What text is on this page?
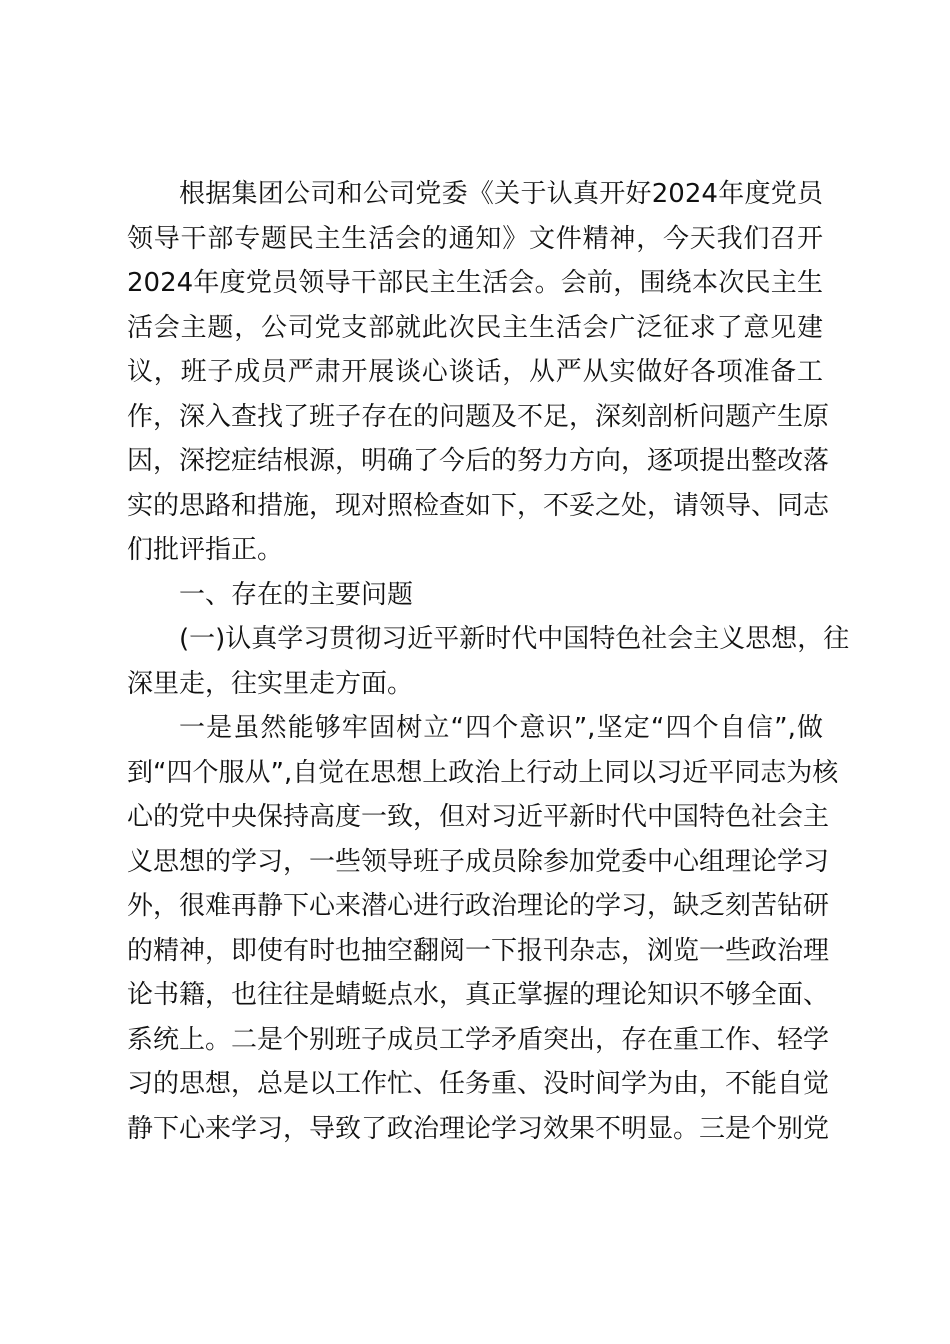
根据集团公司和公司党委《关于认真开好2024年度党员
领导干部专题民主生活会的通知》文件精神，今天我们召开
2024年度党员领导干部民主生活会。会前，围绕本次民主生
活会主题，公司党支部就此次民主生活会广泛征求了意见建
议，班子成员严肃开展谈心谈话，从严从实做好各项准备工
作，深入查找了班子存在的问题及不足，深刻剖析问题产生原
因，深挖症结根源，明确了今后的努力方向，逐项提出整改落
实的思路和措施，现对照检查如下，不妥之处，请领导、同志
们批评指正。
一、存在的主要问题
(一)认真学习贯彻习近平新时代中国特色社会主义思想，往
深里走，往实里走方面。
一是虽然能够牢固树立“四个意识”,坚定“四个自信”,做
到“四个服从”,自觉在思想上政治上行动上同以习近平同志为核
心的党中央保持高度一致，但对习近平新时代中国特色社会主
义思想的学习，一些领导班子成员除参加党委中心组理论学习
外，很难再静下心来潜心进行政治理论的学习，缺乏刻苦钻研
的精神，即使有时也抽空翻阅一下报刊杂志，浏览一些政治理
论书籍，也往往是蜻蜓点水，真正掌握的理论知识不够全面、
系统上。二是个别班子成员工学矛盾突出，存在重工作、轻学
习的思想，总是以工作忙、任务重、没时间学为由，不能自觉
静下心来学习，导致了政治理论学习效果不明显。三是个别党
